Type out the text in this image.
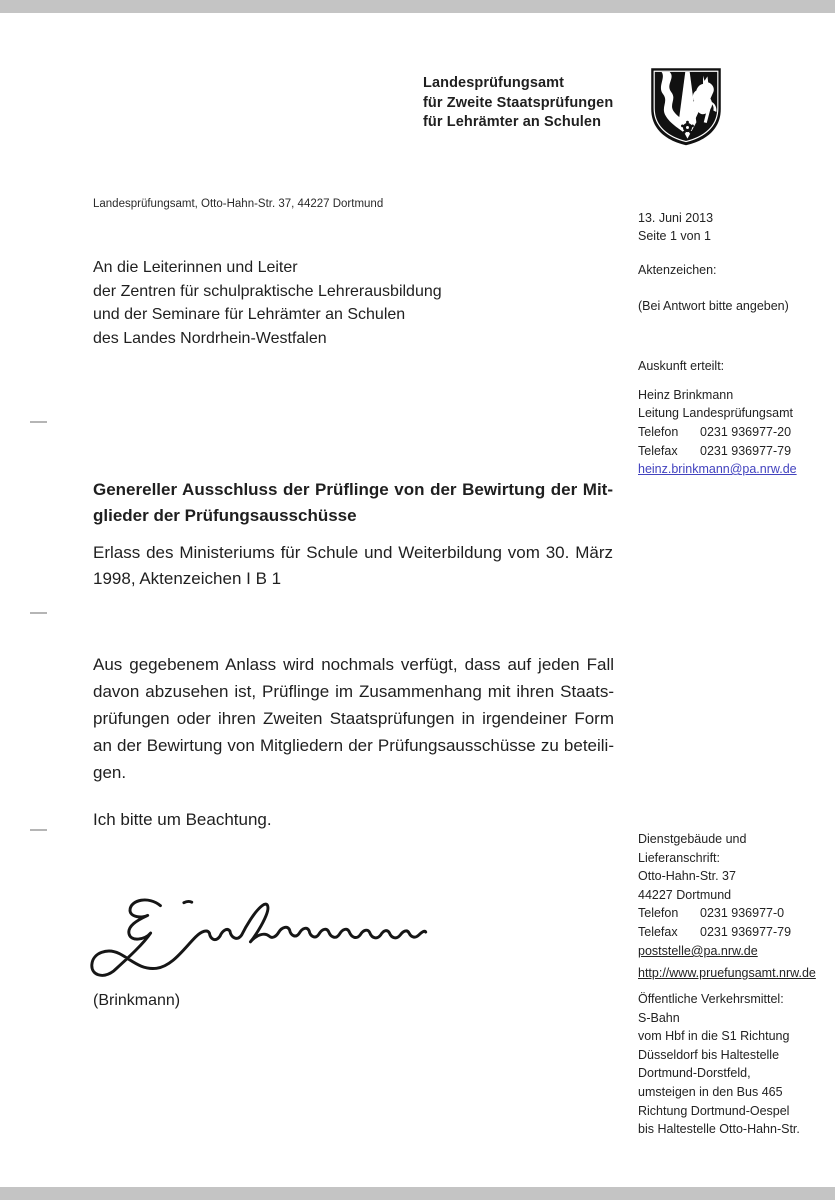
Landesprüfungsamt
für Zweite Staatsprüfungen
für Lehrämter an Schulen
Landesprüfungsamt, Otto-Hahn-Str. 37, 44227 Dortmund
An die Leiterinnen und Leiter
der Zentren für schulpraktische Lehrerausbildung
und der Seminare für Lehrämter an Schulen
des Landes Nordrhein-Westfalen
13. Juni 2013
Seite 1 von 1
Aktenzeichen:
(Bei Antwort bitte angeben)
Auskunft erteilt:
Heinz Brinkmann
Leitung Landesprüfungsamt
Telefon	0231 936977-20
Telefax	0231 936977-79
heinz.brinkmann@pa.nrw.de
Genereller Ausschluss der Prüflinge von der Bewirtung der Mit-
glieder der Prüfungsausschüsse
Erlass des Ministeriums für Schule und Weiterbildung vom 30. März
1998, Aktenzeichen I B 1
Aus gegebenem Anlass wird nochmals verfügt, dass auf jeden Fall
davon abzusehen ist, Prüflinge im Zusammenhang mit ihren Staats-
prüfungen oder ihren Zweiten Staatsprüfungen in irgendeiner Form
an der Bewirtung von Mitgliedern der Prüfungsausschüsse zu beteili-
gen.
Ich bitte um Beachtung.
(Brinkmann)
Dienstgebäude und
Lieferanschrift:
Otto-Hahn-Str. 37
44227 Dortmund
Telefon	0231 936977-0
Telefax	0231 936977-79
poststelle@pa.nrw.de
http://www.pruefungsamt.nrw.de
Öffentliche Verkehrsmittel:
S-Bahn
vom Hbf in die S1 Richtung
Düsseldorf bis Haltestelle
Dortmund-Dorstfeld,
umsteigen in den Bus 465
Richtung Dortmund-Oespel
bis Haltestelle Otto-Hahn-Str.
